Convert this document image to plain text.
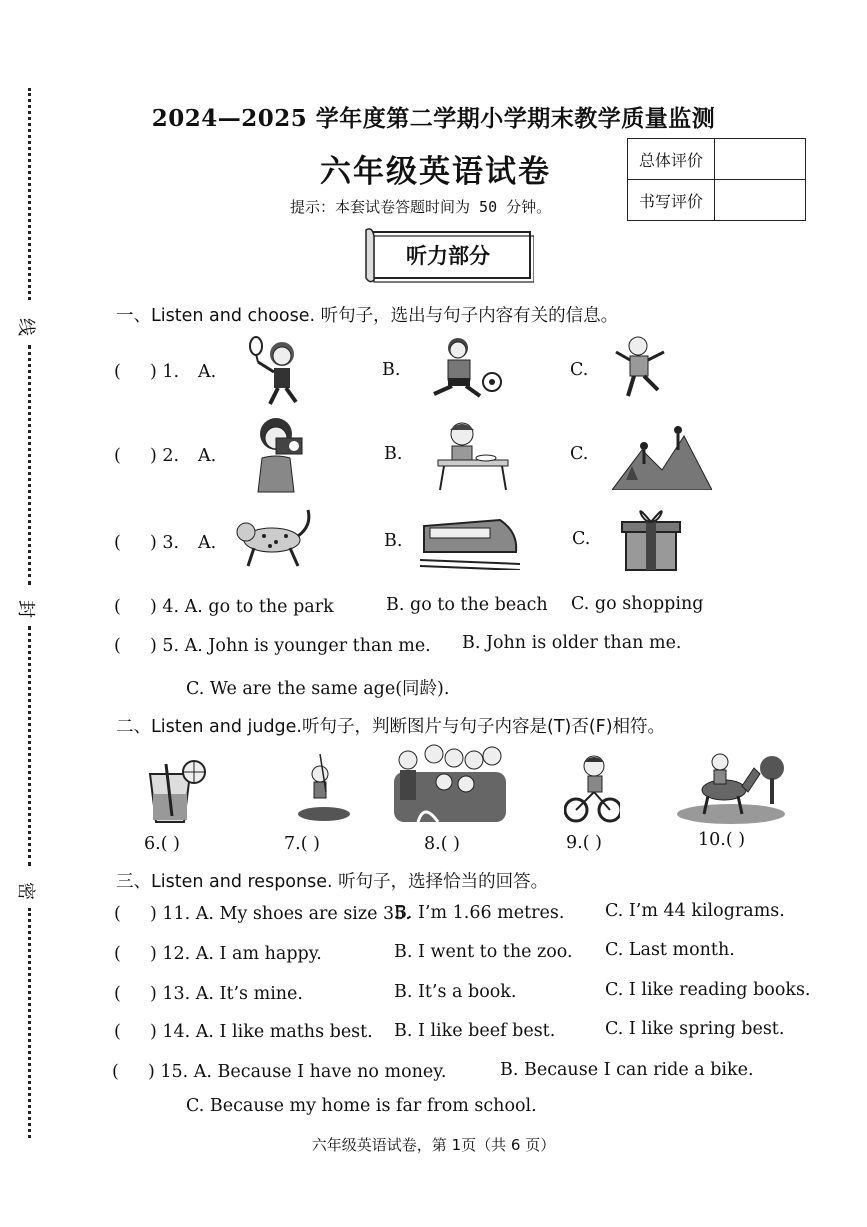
线
封
密
2024—2025 学年度第二学期小学期末教学质量监测
六年级英语试卷
提示：本套试卷答题时间为 50 分钟。
总体评价	
书写评价	
听力部分
一、Listen and choose. 听句子，选出与句子内容有关的信息。
( ) 1. A.	B.	C.
( ) 2. A.	B.	C.
( ) 3. A.	B.	C.
( ) 4. A. go to the park	B. go to the beach C. go shopping
( ) 5. A. John is younger than me. B. John is older than me.
C. We are the same age(同龄).
二、Listen and judge.听句子，判断图片与句子内容是(T)否(F)相符。
6.( )	7.( )	8.( )	9.( )	10.( )
三、Listen and response. 听句子，选择恰当的回答。
( ) 11. A. My shoes are size 35.
B. I’m 1.66 metres. C. I’m 44 kilograms.
( ) 12. A. I am happy.	B. I went to the zoo. C. Last month.
( ) 13. A. It’s mine.	B. It’s a book.	C. I like reading books.
( ) 14. A. I like maths best. B. I like beef best.	C. I like spring best.
( ) 15. A. Because I have no money.	B. Because I can ride a bike.
C. Because my home is far from school.
六年级英语试卷，第 1页（共 6 页）
